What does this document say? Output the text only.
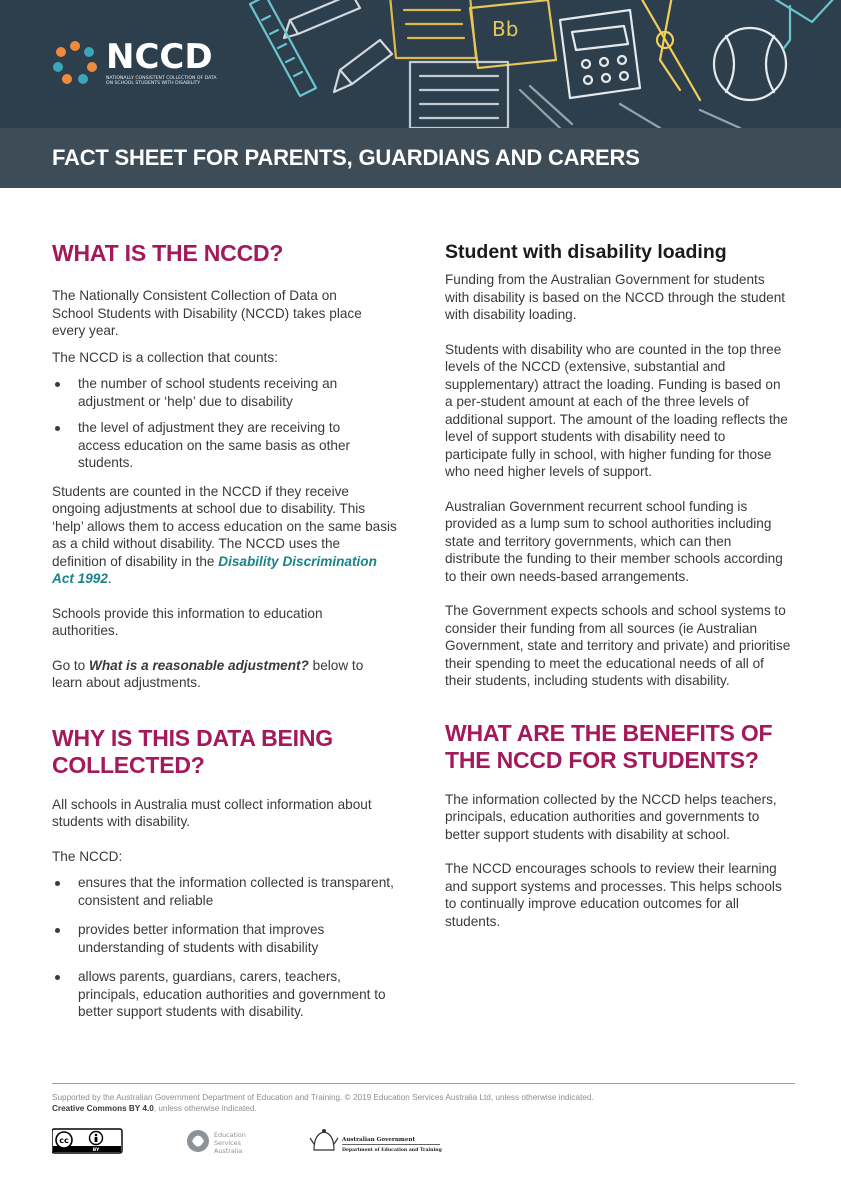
Bb
NCCD
NATIONALLY CONSISTENT COLLECTION OF DATA ON SCHOOL STUDENTS WITH DISABILITY
FACT SHEET FOR PARENTS, GUARDIANS AND CARERS
WHAT IS THE NCCD?

The Nationally Consistent Collection of Data on School Students with Disability (NCCD) takes place every year.

The NCCD is a collection that counts:

the number of school students receiving an adjustment or ‘help’ due to disability
the level of adjustment they are receiving to access education on the same basis as other students.

Students are counted in the NCCD if they receive ongoing adjustments at school due to disability. This ‘help’ allows them to access education on the same basis as a child without disability. The NCCD uses the definition of disability in the Disability Discrimination Act 1992.

Schools provide this information to education authorities.

Go to What is a reasonable adjustment? below to learn about adjustments.

WHY IS THIS DATA BEING
COLLECTED?

All schools in Australia must collect information about students with disability.

The NCCD:

ensures that the information collected is transparent, consistent and reliable
provides better information that improves understanding of students with disability
allows parents, guardians, carers, teachers, principals, education authorities and government to better support students with disability.
Student with disability loading

Funding from the Australian Government for students with disability is based on the NCCD through the student with disability loading.

Students with disability who are counted in the top three levels of the NCCD (extensive, substantial and supplementary) attract the loading. Funding is based on a per-student amount at each of the three levels of additional support. The amount of the loading reflects the level of support students with disability need to participate fully in school, with higher funding for those who need higher levels of support.

Australian Government recurrent school funding is provided as a lump sum to school authorities including state and territory governments, which can then distribute the funding to their member schools according to their own needs-based arrangements.

The Government expects schools and school systems to consider their funding from all sources (ie Australian Government, state and territory and private) and prioritise their spending to meet the educational needs of all of their students, including students with disability.

WHAT ARE THE BENEFITS OF
THE NCCD FOR STUDENTS?

The information collected by the NCCD helps teachers, principals, education authorities and governments to better support students with disability at school.

The NCCD encourages schools to review their learning and support systems and processes. This helps schools to continually improve education outcomes for all students.

Supported by the Australian Government Department of Education and Training. © 2019 Education Services Australia Ltd, unless otherwise indicated.
Creative Commons BY 4.0, unless otherwise indicated.
cc
BY
Education
Services
Australia
Australian Government
Department of Education and Training
